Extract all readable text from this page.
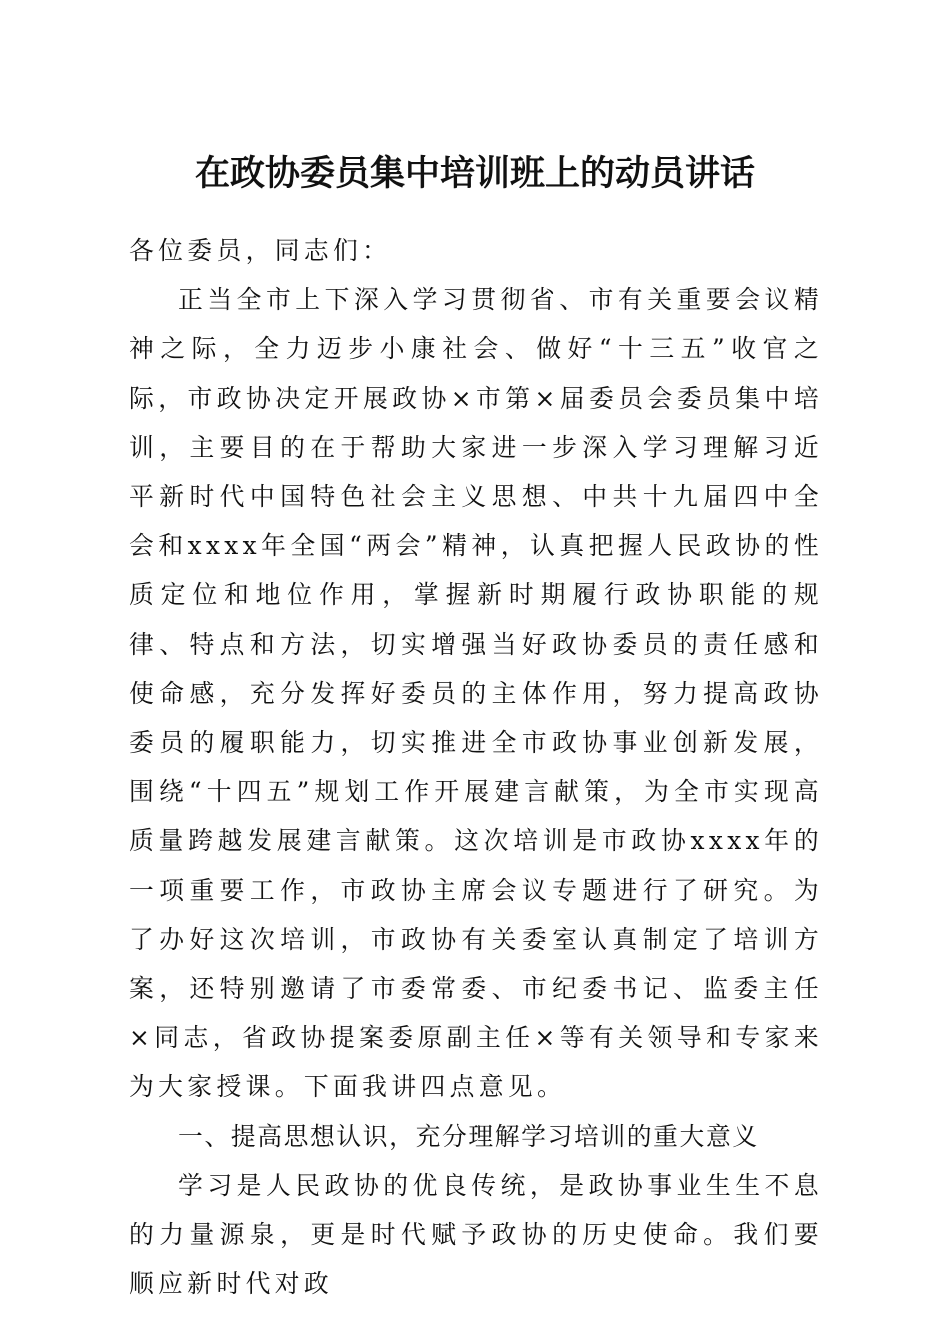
在政协委员集中培训班上的动员讲话

各位委员，同志们：

正当全市上下深入学习贯彻省、市有关重要会议精神之际，全力迈步小康社会、做好“十三五”收官之际，市政协决定开展政协×市第×届委员会委员集中培训，主要目的在于帮助大家进一步深入学习理解习近平新时代中国特色社会主义思想、中共十九届四中全会和xxxx年全国“两会”精神，认真把握人民政协的性质定位和地位作用，掌握新时期履行政协职能的规律、特点和方法，切实增强当好政协委员的责任感和使命感，充分发挥好委员的主体作用，努力提高政协委员的履职能力，切实推进全市政协事业创新发展，围绕“十四五”规划工作开展建言献策，为全市实现高质量跨越发展建言献策。这次培训是市政协xxxx年的一项重要工作，市政协主席会议专题进行了研究。为了办好这次培训，市政协有关委室认真制定了培训方案，还特别邀请了市委常委、市纪委书记、监委主任×同志，省政协提案委原副主任×等有关领导和专家来为大家授课。下面我讲四点意见。

一、提高思想认识，充分理解学习培训的重大意义

学习是人民政协的优良传统，是政协事业生生不息的力量源泉，更是时代赋予政协的历史使命。我们要顺应新时代对政
